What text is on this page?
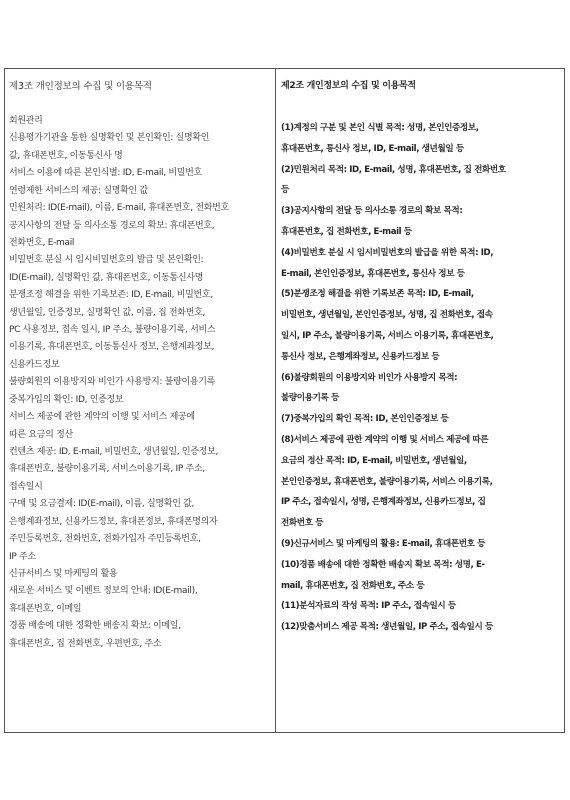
제3조 개인정보의 수집 및 이용목적
회원관리
신용평가기관을 통한 실명확인 및 본인확인: 실명확인
값, 휴대폰번호, 이동통신사 명
서비스 이용에 따른 본인식별: ID, E-mail, 비밀번호
연령제한 서비스의 제공: 실명확인 값
민원처리: ID(E-mail), 이름, E-mail, 휴대폰번호, 전화번호
공지사항의 전달 등 의사소통 경로의 확보: 휴대폰번호,
전화번호, E-mail
비밀번호 분실 시 임시비밀번호의 발급 및 본인확인:
ID(E-mail), 실명확인 값, 휴대폰번호, 이동통신사명
분쟁조정 해결을 위한 기록보존: ID, E-mail, 비밀번호,
생년월일, 인증정보, 실명확인 값, 이름, 집 전화번호,
PC 사용정보, 접속 일시, IP 주소, 불량이용기록, 서비스
이용기록, 휴대폰번호, 이동통신사 정보, 은행계좌정보,
신용카드정보
불량회원의 이용방지와 비인가 사용방지: 불량이용기록
중복가입의 확인: ID, 인증정보
서비스 제공에 관한 계약의 이행 및 서비스 제공에
따른 요금의 정산
컨텐츠 제공: ID, E-mail, 비밀번호, 생년월일, 인증정보,
휴대폰번호, 불량이용기록, 서비스이용기록, IP 주소,
접속일시
구매 및 요금결제: ID(E-mail), 이름, 실명확인 값,
은행계좌정보, 신용카드정보, 휴대폰정보, 휴대폰명의자
주민등록번호, 전화번호, 전화가입자 주민등록번호,
IP 주소
신규서비스 및 마케팅의 활용
새로운 서비스 및 이벤트 정보의 안내: ID(E-mail),
휴대폰번호, 이메일
경품 배송에 대한 정확한 배송지 확보: 이메일,
휴대폰번호, 집 전화번호, 우편번호, 주소
제2조 개인정보의 수집 및 이용목적
(1)계정의 구분 및 본인 식별 목적: 성명, 본인인증정보,
휴대폰번호, 통신사 정보, ID, E-mail, 생년월일 등
(2)민원처리 목적: ID, E-mail, 성명, 휴대폰번호, 집 전화번호
등
(3)공지사항의 전달 등 의사소통 경로의 확보 목적:
휴대폰번호, 집 전화번호, E-mail 등
(4)비밀번호 분실 시 임시비밀번호의 발급을 위한 목적: ID,
E-mail, 본인인증정보, 휴대폰번호, 통신사 정보 등
(5)분쟁조정 해결을 위한 기록보존 목적: ID, E-mail,
비밀번호, 생년월일, 본인인증정보, 성명, 집 전화번호, 접속
일시, IP 주소, 불량이용기록, 서비스 이용기록, 휴대폰번호,
통신사 정보, 은행계좌정보, 신용카드정보 등
(6)불량회원의 이용방지와 비인가 사용방지 목적:
불량이용기록 등
(7)중복가입의 확인 목적: ID, 본인인증정보 등
(8)서비스 제공에 관한 계약의 이행 및 서비스 제공에 따른
요금의 정산 목적: ID, E-mail, 비밀번호, 생년월일,
본인인증정보, 휴대폰번호, 불량이용기록, 서비스 이용기록,
IP 주소, 접속일시, 성명, 은행계좌정보, 신용카드정보, 집
전화번호 등
(9)신규서비스 및 마케팅의 활용: E-mail, 휴대폰번호 등
(10)경품 배송에 대한 정확한 배송지 확보 목적: 성명, E-
mail, 휴대폰번호, 집 전화번호, 주소 등
(11)분석자료의 작성 목적: IP 주소, 접속일시 등
(12)맞춤서비스 제공 목적: 생년월일, IP 주소, 접속일시 등
